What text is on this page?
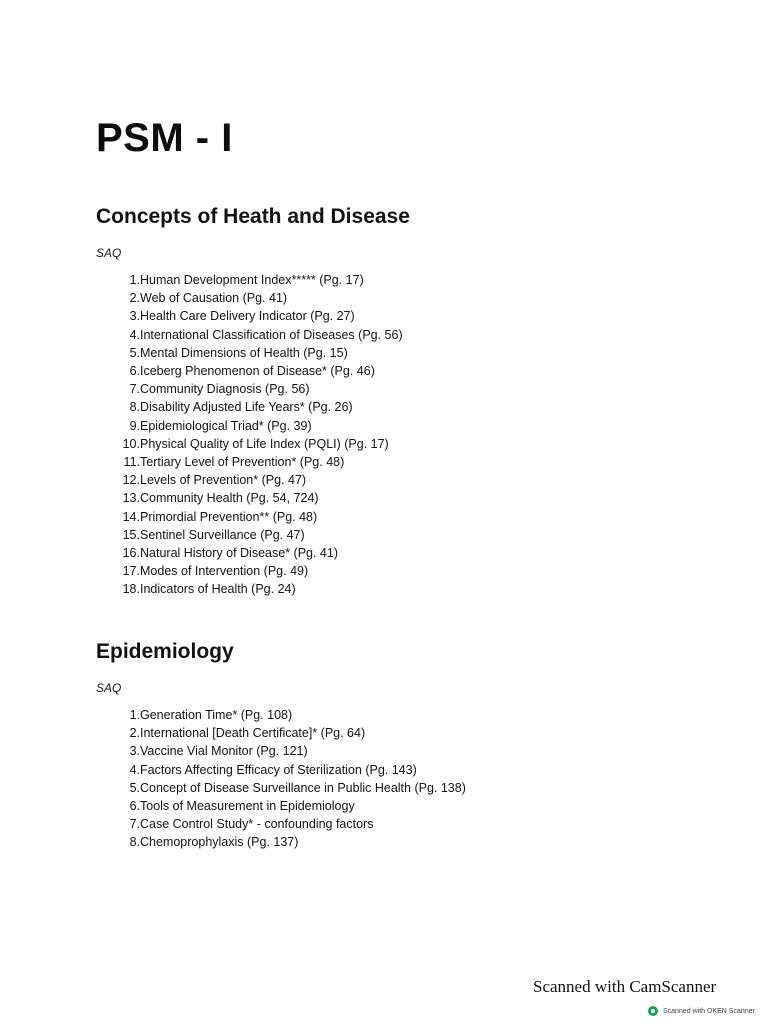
PSM - I
Concepts of Heath and Disease
SAQ
1. Human Development Index***** (Pg. 17)
2. Web of Causation (Pg. 41)
3. Health Care Delivery Indicator (Pg. 27)
4. International Classification of Diseases (Pg. 56)
5. Mental Dimensions of Health (Pg. 15)
6. Iceberg Phenomenon of Disease* (Pg. 46)
7. Community Diagnosis (Pg. 56)
8. Disability Adjusted Life Years* (Pg. 26)
9. Epidemiological Triad* (Pg. 39)
10. Physical Quality of Life Index (PQLI) (Pg. 17)
11. Tertiary Level of Prevention* (Pg. 48)
12. Levels of Prevention* (Pg. 47)
13. Community Health (Pg. 54, 724)
14. Primordial Prevention** (Pg. 48)
15. Sentinel Surveillance (Pg. 47)
16. Natural History of Disease* (Pg. 41)
17. Modes of Intervention (Pg. 49)
18. Indicators of Health (Pg. 24)
Epidemiology
SAQ
1. Generation Time* (Pg. 108)
2. International [Death Certificate]* (Pg. 64)
3. Vaccine Vial Monitor (Pg. 121)
4. Factors Affecting Efficacy of Sterilization (Pg. 143)
5. Concept of Disease Surveillance in Public Health (Pg. 138)
6. Tools of Measurement in Epidemiology
7. Case Control Study* - confounding factors
8. Chemoprophylaxis (Pg. 137)
Scanned with CamScanner
Scanned with OKEN Scanner
